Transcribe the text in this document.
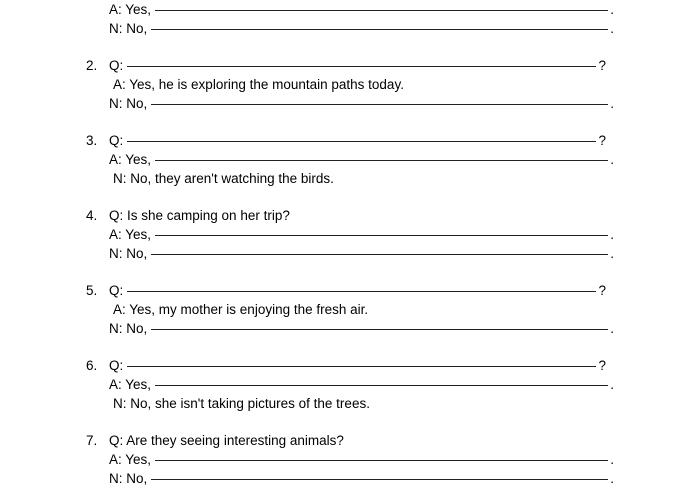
A: Yes,	.
N: No,	.
2. Q:	?
A: Yes, he is exploring the mountain paths today.
N: No,	.
3. Q:	?
A: Yes,	.
N: No, they aren't watching the birds.
4. Q: Is she camping on her trip?
A: Yes,	.
N: No,	.
5. Q:	?
A: Yes, my mother is enjoying the fresh air.
N: No,	.
6. Q:	?
A: Yes,	.
N: No, she isn't taking pictures of the trees.
7. Q: Are they seeing interesting animals?
A: Yes,	.
N: No,	.
